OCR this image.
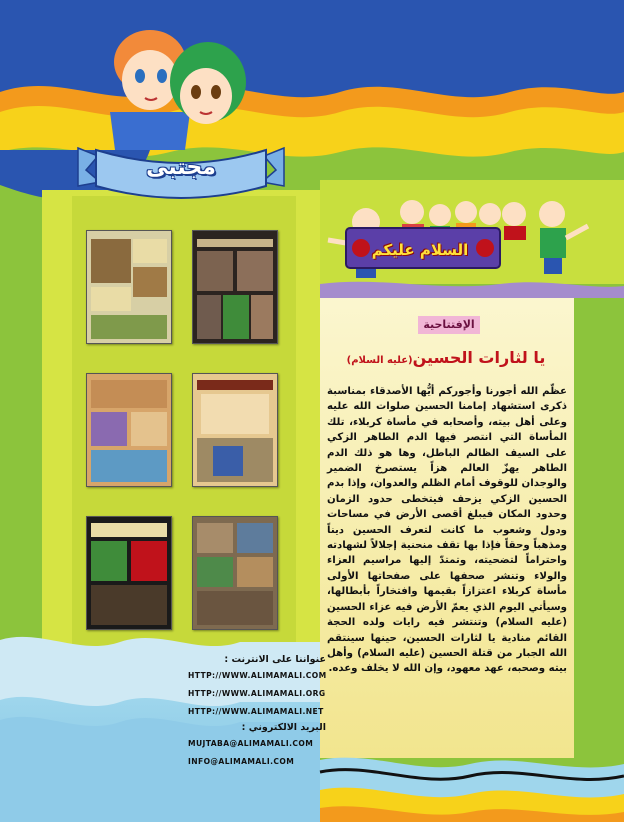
مجتبى
السلام عليكم
الإفتتاحية
يا لثارات الحسين(عليه السلام)
عظّم الله أجورنا وأجوركم أيُّها الأصدقاء بمناسبة ذكرى استشهاد إمامنا الحسين صلوات الله عليه وعلى أهل بيته، وأصحابه في مأساة كربلاء، تلك المأساة التي انتصر فيها الدم الطاهر الزكي على السيف الظالم الباطل، وها هو ذلك الدم الطاهر يهزّ العالم هزاً يستصرخ الضمير والوجدان للوقوف أمام الظلم والعدوان، وإذا بدم الحسين الزكي يزحف فيتخطى حدود الزمان وحدود المكان فيبلغ أقصى الأرض في مساحات ودول وشعوب ما كانت لتعرف الحسين ديناً ومذهباً وحقاً فإذا بها تقف منحنية إجلالاً لشهادته واحتراماً لتضحيته، وتمتدّ إليها مراسيم العزاء والولاء وتنشر صحفها على صفحاتها الأولى مأساة كربلاء اعتزازاً بقيمها وافتخاراً بأبطالها، وسيأتي اليوم الذي يعمّ الأرض فيه عزاء الحسين (عليه السلام) وتنتشر فيه رايات ولده الحجة القائم منادية يا لثارات الحسين، حينها سينتقم الله الجبار من قتلة الحسين (عليه السلام) وأهل بيته وصحبه، عهد معهود، وإن الله لا يخلف وعده.
عنواننا على الانترنت :
HTTP://WWW.ALIMAMALI.COM
HTTP://WWW.ALIMAMALI.ORG
HTTP://WWW.ALIMAMALI.NET
البريد الالكتروني :
MUJTABA@ALIMAMALI.COM
INFO@ALIMAMALI.COM
